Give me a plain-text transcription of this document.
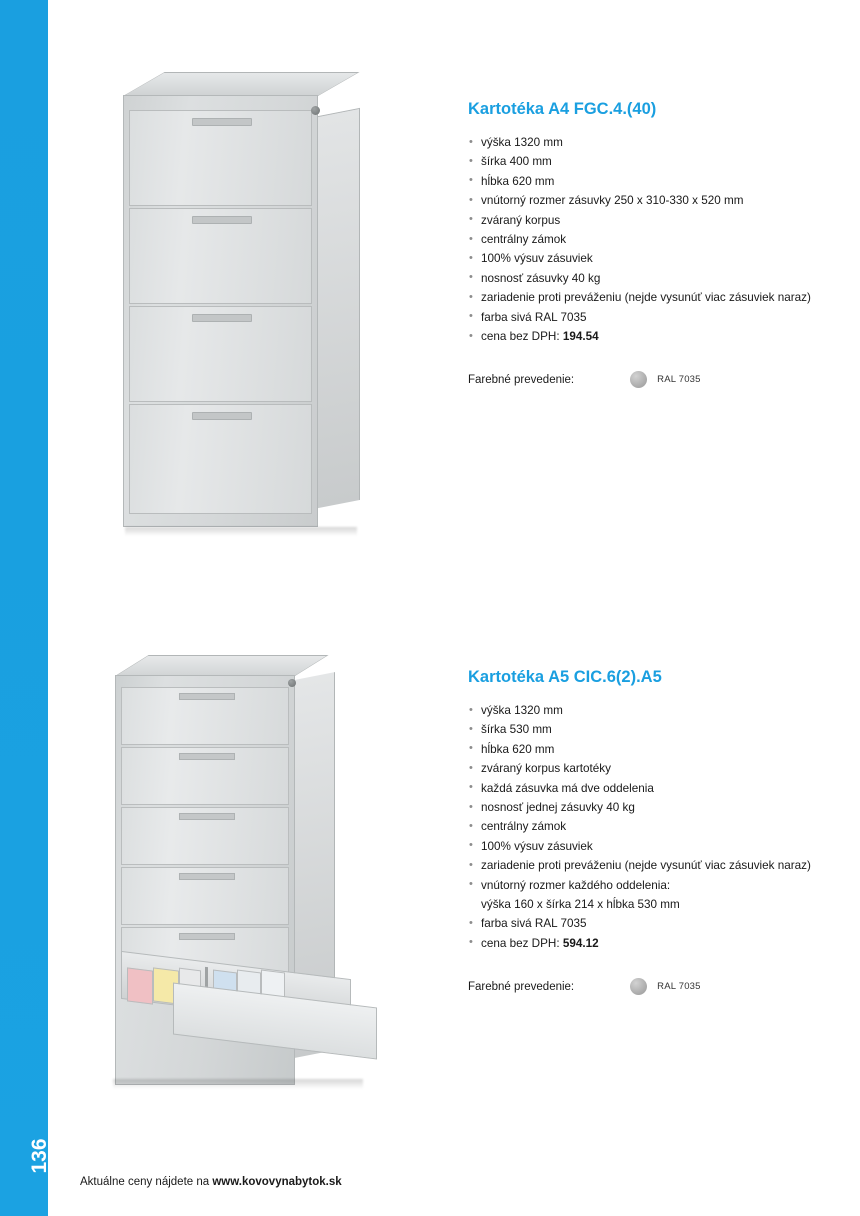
136
Kartotéka A4 FGC.4.(40)
• výška 1320 mm
• šírka 400 mm
• hĺbka 620 mm
• vnútorný rozmer zásuvky 250 x 310-330 x 520 mm
• zváraný korpus
• centrálny zámok
• 100% výsuv zásuviek
• nosnosť zásuvky 40 kg
• zariadenie proti preváženiu (nejde vysunúť viac zásuviek naraz)
• farba sivá RAL 7035
• cena bez DPH: 194.54
Farebné prevedenie:	RAL 7035
Kartotéka A5 CIC.6(2).A5
• výška 1320 mm
• šírka 530 mm
• hĺbka 620 mm
• zváraný korpus kartotéky
• každá zásuvka má dve oddelenia
• nosnosť jednej zásuvky 40 kg
• centrálny zámok
• 100% výsuv zásuviek
• zariadenie proti preváženiu (nejde vysunúť viac zásuviek naraz)
• vnútorný rozmer každého oddelenia:
výška 160 x šírka 214 x hĺbka 530 mm
• farba sivá RAL 7035
• cena bez DPH: 594.12
Farebné prevedenie:	RAL 7035
Aktuálne ceny nájdete na www.kovovynabytok.sk
